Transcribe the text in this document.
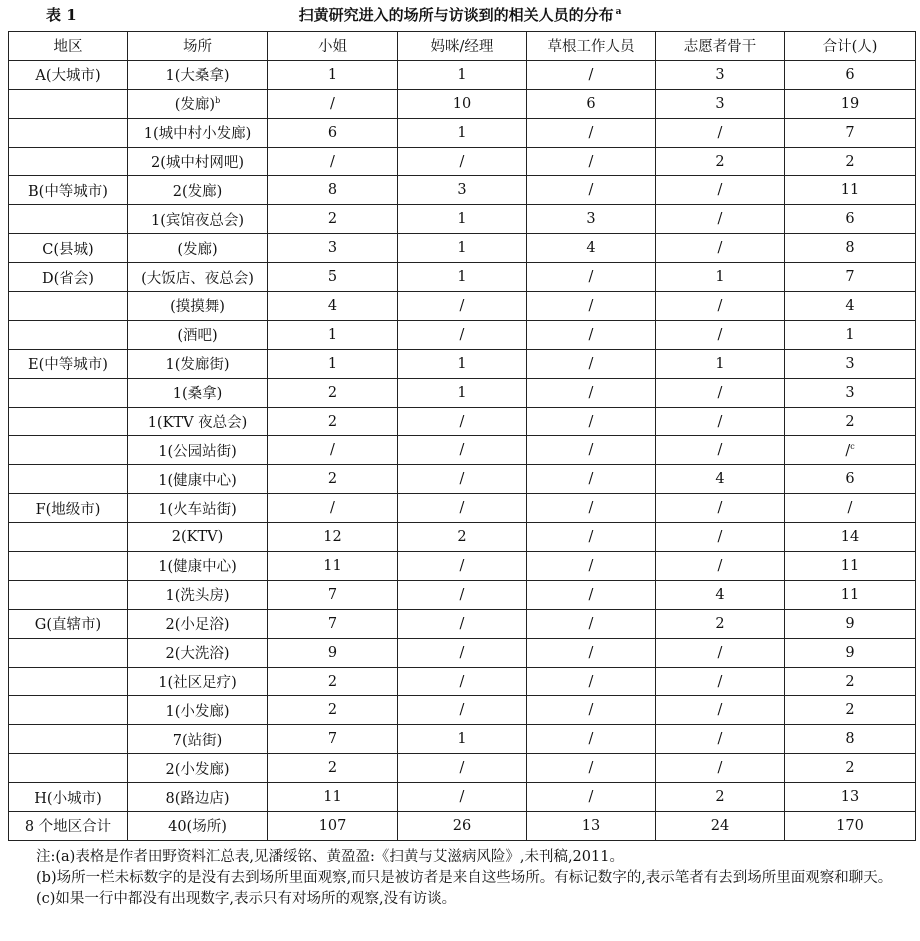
表 1	扫黄研究进入的场所与访谈到的相关人员的分布 $^a$
地区	场所	小姐	妈咪/经理	草根工作人员	志愿者骨干	合计(人)
A(大城市)	1(大桑拿)	1	1	/	3	6
	(发廊)$^b$	/	10	6	3	19
	1(城中村小发廊)	6	1	/	/	7
	2(城中村网吧)	/	/	/	2	2
B(中等城市)	2(发廊)	8	3	/	/	11
	1(宾馆夜总会)	2	1	3	/	6
C(县城)	(发廊)	3	1	4	/	8
D(省会)	(大饭店、夜总会)	5	1	/	1	7
	(摸摸舞)	4	/	/	/	4
	(酒吧)	1	/	/	/	1
E(中等城市)	1(发廊街)	1	1	/	1	3
	1(桑拿)	2	1	/	/	3
	1(KTV 夜总会)	2	/	/	/	2
	1(公园站街)	/	/	/	/	/$^c$
	1(健康中心)	2	/	/	4	6
F(地级市)	1(火车站街)	/	/	/	/	/
	2(KTV)	12	2	/	/	14
	1(健康中心)	11	/	/	/	11
	1(洗头房)	7	/	/	4	11
G(直辖市)	2(小足浴)	7	/	/	2	9
	2(大洗浴)	9	/	/	/	9
	1(社区足疗)	2	/	/	/	2
	1(小发廊)	2	/	/	/	2
	7(站街)	7	1	/	/	8
	2(小发廊)	2	/	/	/	2
H(小城市)	8(路边店)	11	/	/	2	13
8 个地区合计	40(场所)	107	26	13	24	170

注:(a)表格是作者田野资料汇总表,见潘绥铭、黄盈盈:《扫黄与艾滋病风险》,未刊稿,2011。

(b)场所一栏未标数字的是没有去到场所里面观察,而只是被访者是来自这些场所。有标记数字的,表示笔者有去到场所里面观察和聊天。

(c)如果一行中都没有出现数字,表示只有对场所的观察,没有访谈。
